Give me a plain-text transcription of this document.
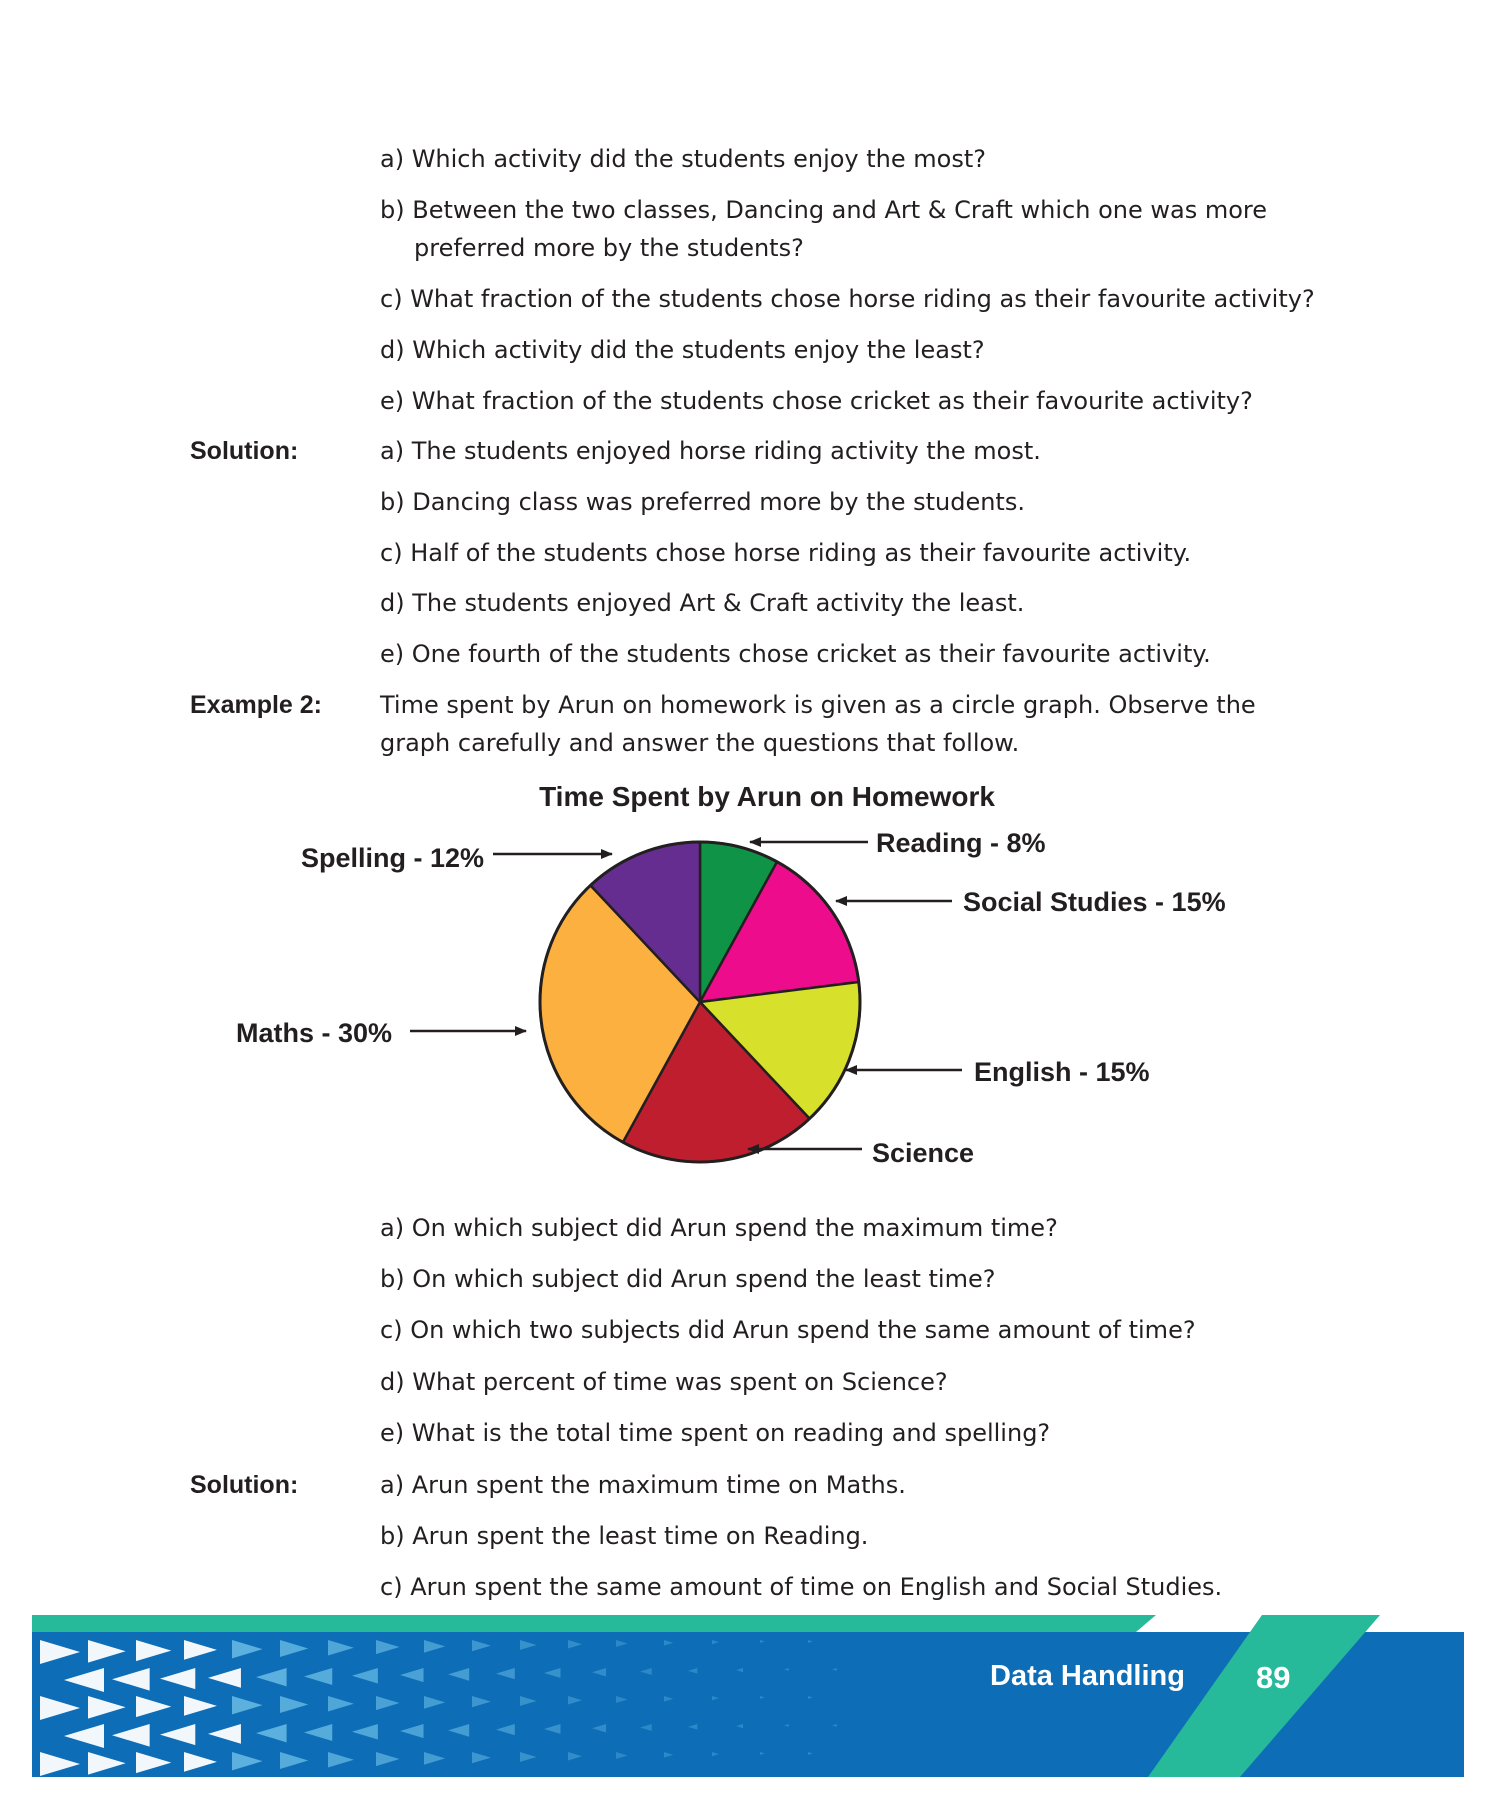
a) Which activity did the students enjoy the most?
b) Between the two classes, Dancing and Art & Craft which one was more
preferred more by the students?
c) What fraction of the students chose horse riding as their favourite activity?
d) Which activity did the students enjoy the least?
e) What fraction of the students chose cricket as their favourite activity?
Solution:	a) The students enjoyed horse riding activity the most.
b) Dancing class was preferred more by the students.
c) Half of the students chose horse riding as their favourite activity.
d) The students enjoyed Art & Craft activity the least.
e) One fourth of the students chose cricket as their favourite activity.
Example 2: Time spent by Arun on homework is given as a circle graph. Observe the
graph carefully and answer the questions that follow.
Time Spent by Arun on Homework
Spelling - 12%	Reading - 8%
Social Studies - 15%
Maths - 30%
English - 15%
Science
a) On which subject did Arun spend the maximum time?
b) On which subject did Arun spend the least time?
c) On which two subjects did Arun spend the same amount of time?
d) What percent of time was spent on Science?
e) What is the total time spent on reading and spelling?
Solution:	a) Arun spent the maximum time on Maths.
b) Arun spent the least time on Reading.
c) Arun spent the same amount of time on English and Social Studies.
Data Handling 89
